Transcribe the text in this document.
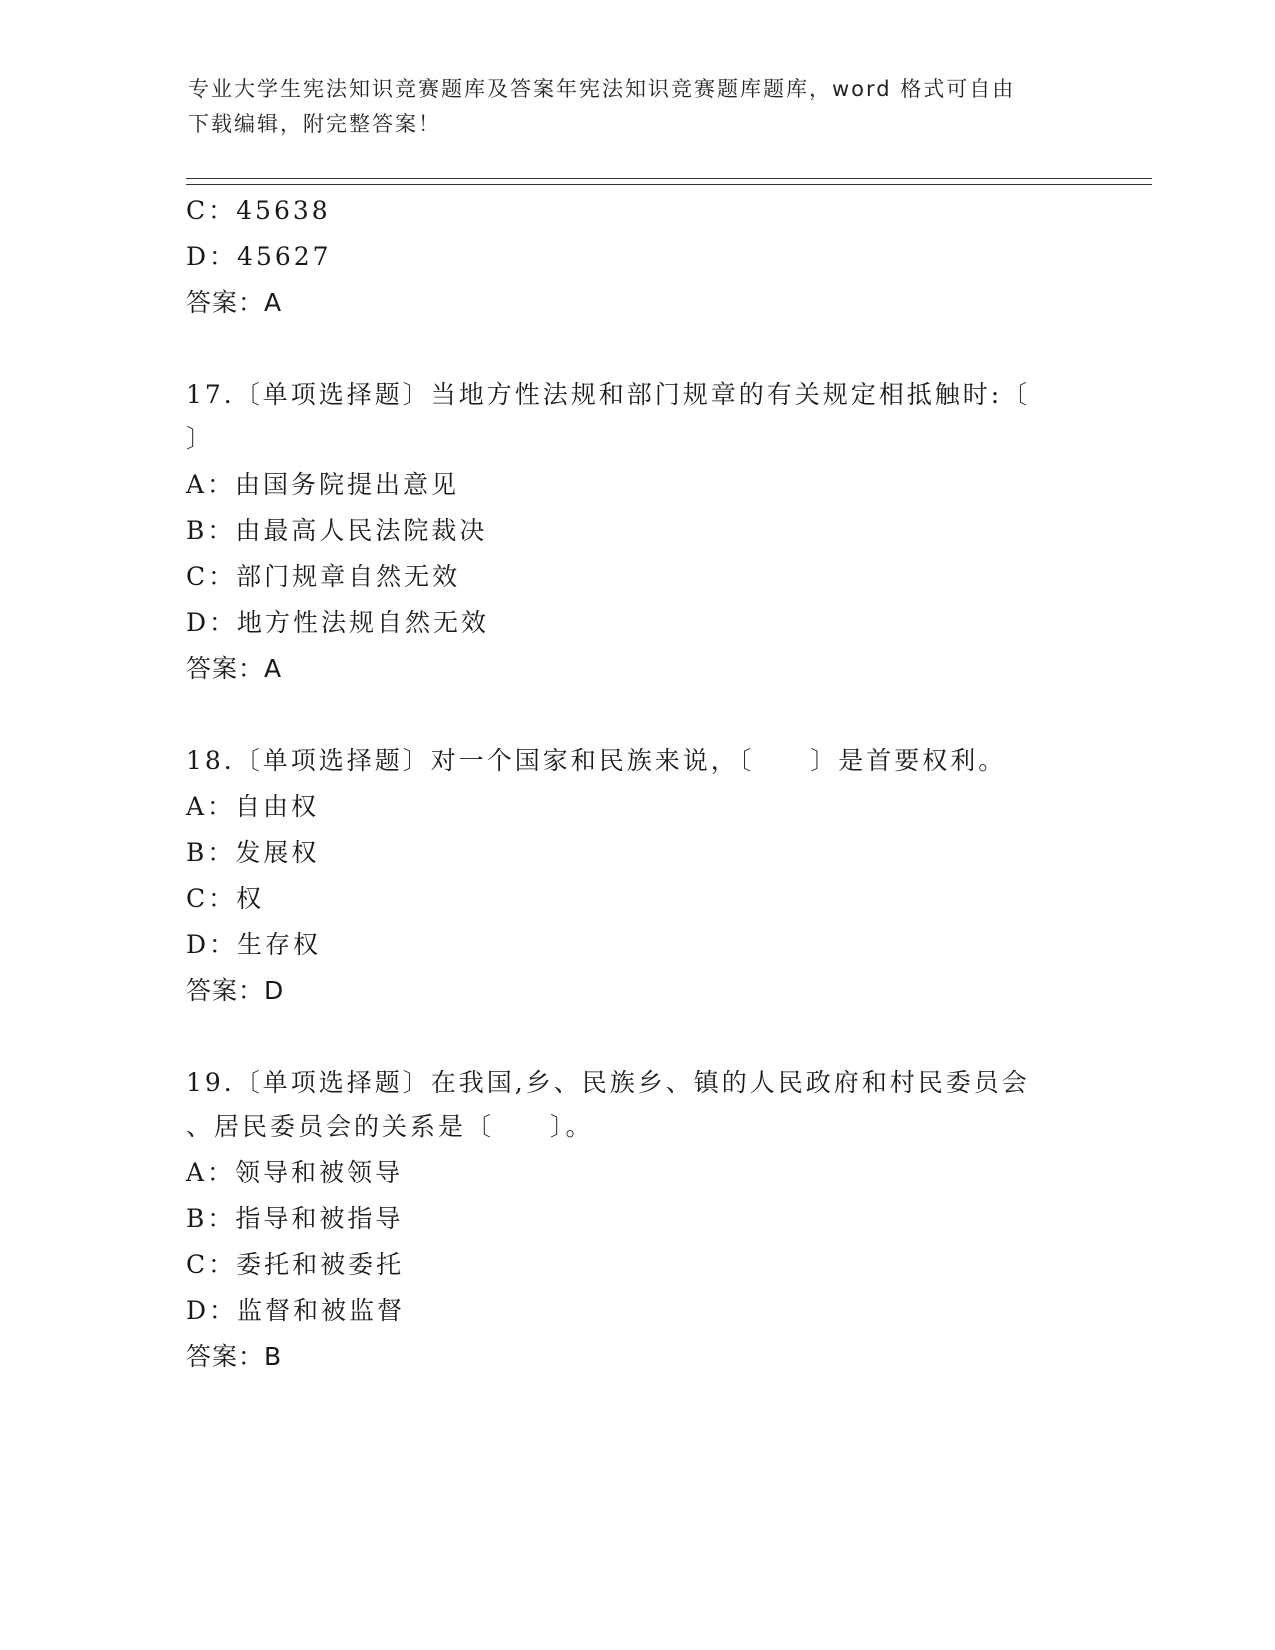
专业大学生宪法知识竞赛题库及答案年宪法知识竞赛题库题库，word 格式可自由
下载编辑，附完整答案！
C：45638
D：45627
答案：A
17.〔单项选择题〕当地方性法规和部门规章的有关规定相抵触时:〔
〕
A：由国务院提出意见
B：由最高人民法院裁决
C：部门规章自然无效
D：地方性法规自然无效
答案：A
18.〔单项选择题〕对一个国家和民族来说，〔　　〕是首要权利。
A：自由权
B：发展权
C：权
D：生存权
答案：D
19.〔单项选择题〕在我国,乡、民族乡、镇的人民政府和村民委员会
、居民委员会的关系是〔　　〕。
A：领导和被领导
B：指导和被指导
C：委托和被委托
D：监督和被监督
答案：B
